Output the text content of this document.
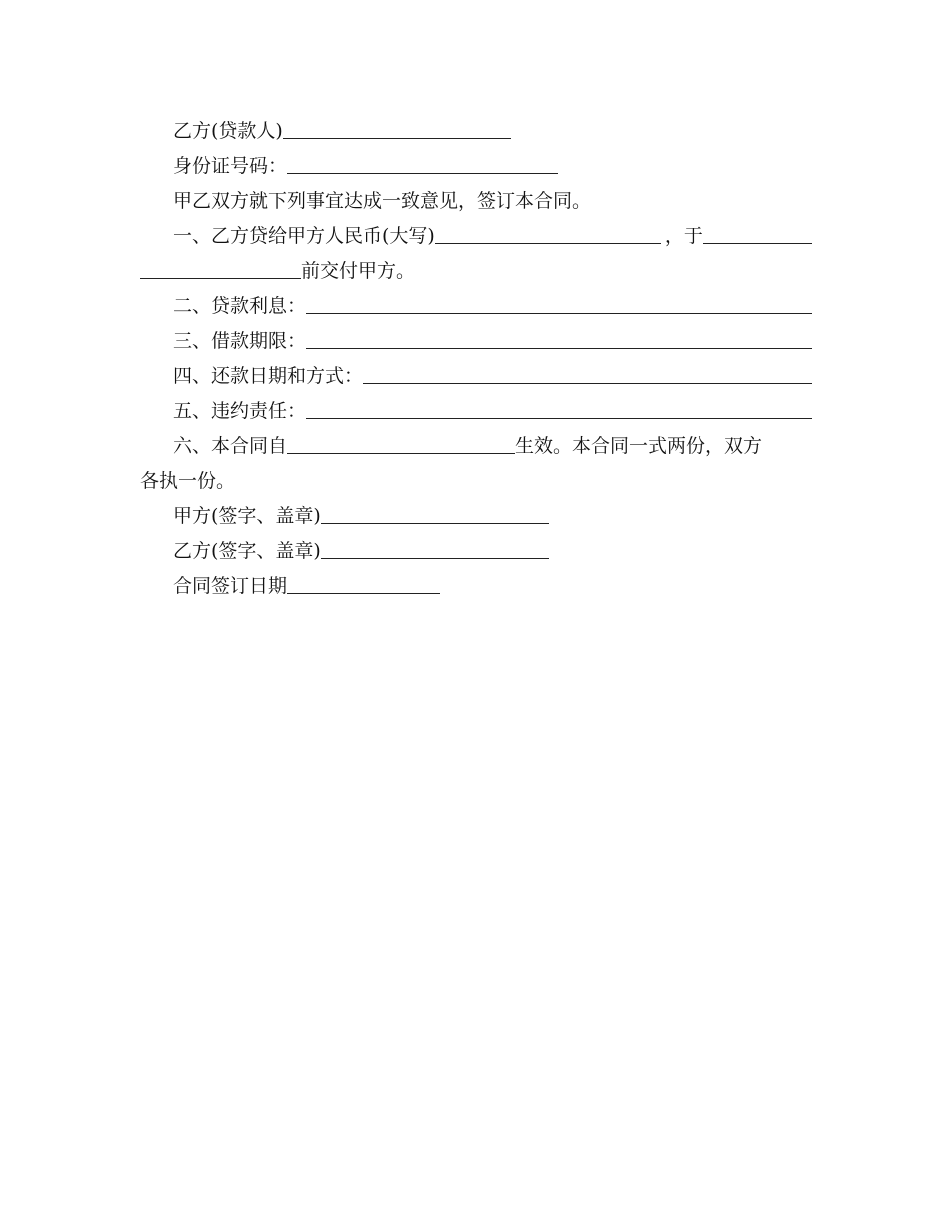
乙方(贷款人)
身份证号码：
甲乙双方就下列事宜达成一致意见，签订本合同。
一、乙方贷给甲方人民币(大写)	，于
前交付甲方。
二、贷款利息：
三、借款期限：
四、还款日期和方式：
五、违约责任：
六、本合同自	生效。本合同一式两份，双方
各执一份。
甲方(签字、盖章)
乙方(签字、盖章)
合同签订日期
